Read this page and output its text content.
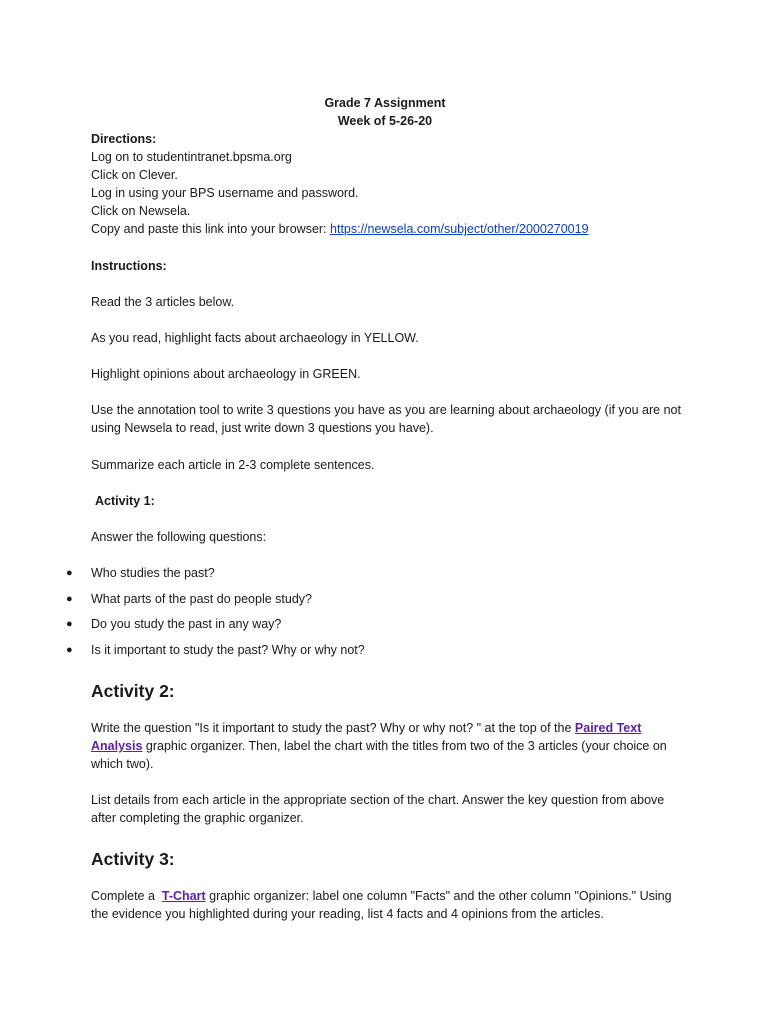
Grade 7 Assignment
Week of 5-26-20
Directions:
Log on to studentintranet.bpsma.org
Click on Clever.
Log in using your BPS username and password.
Click on Newsela.
Copy and paste this link into your browser: https://newsela.com/subject/other/2000270019
Instructions:
Read the 3 articles below.
As you read, highlight facts about archaeology in YELLOW.
Highlight opinions about archaeology in GREEN.
Use the annotation tool to write 3 questions you have as you are learning about archaeology (if you are not using Newsela to read, just write down 3 questions you have).
Summarize each article in 2-3 complete sentences.
Activity 1:
Answer the following questions:
● Who studies the past?
● What parts of the past do people study?
● Do you study the past in any way?
● Is it important to study the past? Why or why not?
Activity 2:
Write the question "Is it important to study the past? Why or why not? " at the top of the Paired Text Analysis graphic organizer. Then, label the chart with the titles from two of the 3 articles (your choice on which two).
List details from each article in the appropriate section of the chart. Answer the key question from above after completing the graphic organizer.
Activity 3:
Complete a  T-Chart graphic organizer: label one column "Facts" and the other column "Opinions." Using the evidence you highlighted during your reading, list 4 facts and 4 opinions from the articles.
